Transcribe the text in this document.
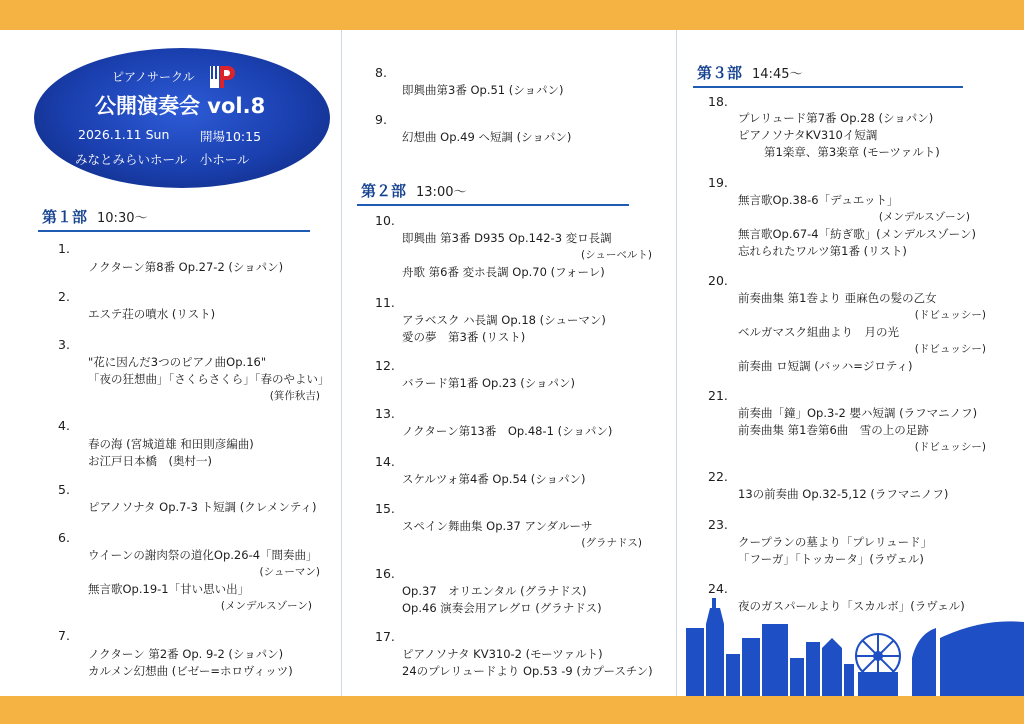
ピアノサークル
公開演奏会 vol.8
2026.1.11 Sun 開場10:15
みなとみらいホール　小ホール
第１部 10:30〜
第２部 13:00〜
第３部 14:45〜
1.
ノクターン第8番 Op.27-2 (ショパン)
2.
エステ荘の噴水 (リスト)
3.
"花に因んだ3つのピアノ曲Op.16"
「夜の狂想曲」「さくらさくら」「春のやよい」
(箕作秋吉)
4.
春の海 (宮城道雄 和田則彦編曲)
お江戸日本橋　(奥村一)
5.
ピアノソナタ Op.7-3 ト短調 (クレメンティ)
6.
ウイーンの謝肉祭の道化Op.26-4「間奏曲」
(シューマン)
無言歌Op.19-1「甘い思い出」
(メンデルスゾーン)
7.
ノクターン 第2番 Op. 9-2 (ショパン)
カルメン幻想曲 (ビゼー=ホロヴィッツ)
8.
即興曲第3番 Op.51 (ショパン)
9.
幻想曲 Op.49 ヘ短調 (ショパン)
10.
即興曲 第3番 D935 Op.142-3 変ロ長調
(シューベルト)
舟歌 第6番 変ホ長調 Op.70 (フォーレ)
11.
アラベスク ハ長調 Op.18 (シューマン)
愛の夢　第3番 (リスト)
12.
バラード第1番 Op.23 (ショパン)
13.
ノクターン第13番　Op.48-1 (ショパン)
14.
スケルツォ第4番 Op.54 (ショパン)
15.
スペイン舞曲集 Op.37 アンダルーサ
(グラナドス)
16.
Op.37　オリエンタル (グラナドス)
Op.46 演奏会用アレグロ (グラナドス)
17.
ピアノソナタ KV310-2 (モーツァルト)
24のプレリュードより Op.53 -9 (カプースチン)
18.
プレリュード第7番 Op.28 (ショパン)
ピアノソナタKV310イ短調
第1楽章、第3楽章 (モーツァルト)
19.
無言歌Op.38-6「デュエット」
(メンデルスゾーン)
無言歌Op.67-4「紡ぎ歌」(メンデルスゾーン)
忘れられたワルツ第1番 (リスト)
20.
前奏曲集 第1巻より 亜麻色の髪の乙女
(ドビュッシー)
ベルガマスク組曲より　月の光
(ドビュッシー)
前奏曲 ロ短調 (バッハ=ジロティ)
21.
前奏曲「鐘」Op.3-2 嬰ハ短調 (ラフマニノフ)
前奏曲集 第1巻第6曲　雪の上の足跡
(ドビュッシー)
22.
13の前奏曲 Op.32-5,12 (ラフマニノフ)
23.
クープランの墓より「プレリュード」
「フーガ」「トッカータ」(ラヴェル)
24.
夜のガスパールより「スカルボ」(ラヴェル)
